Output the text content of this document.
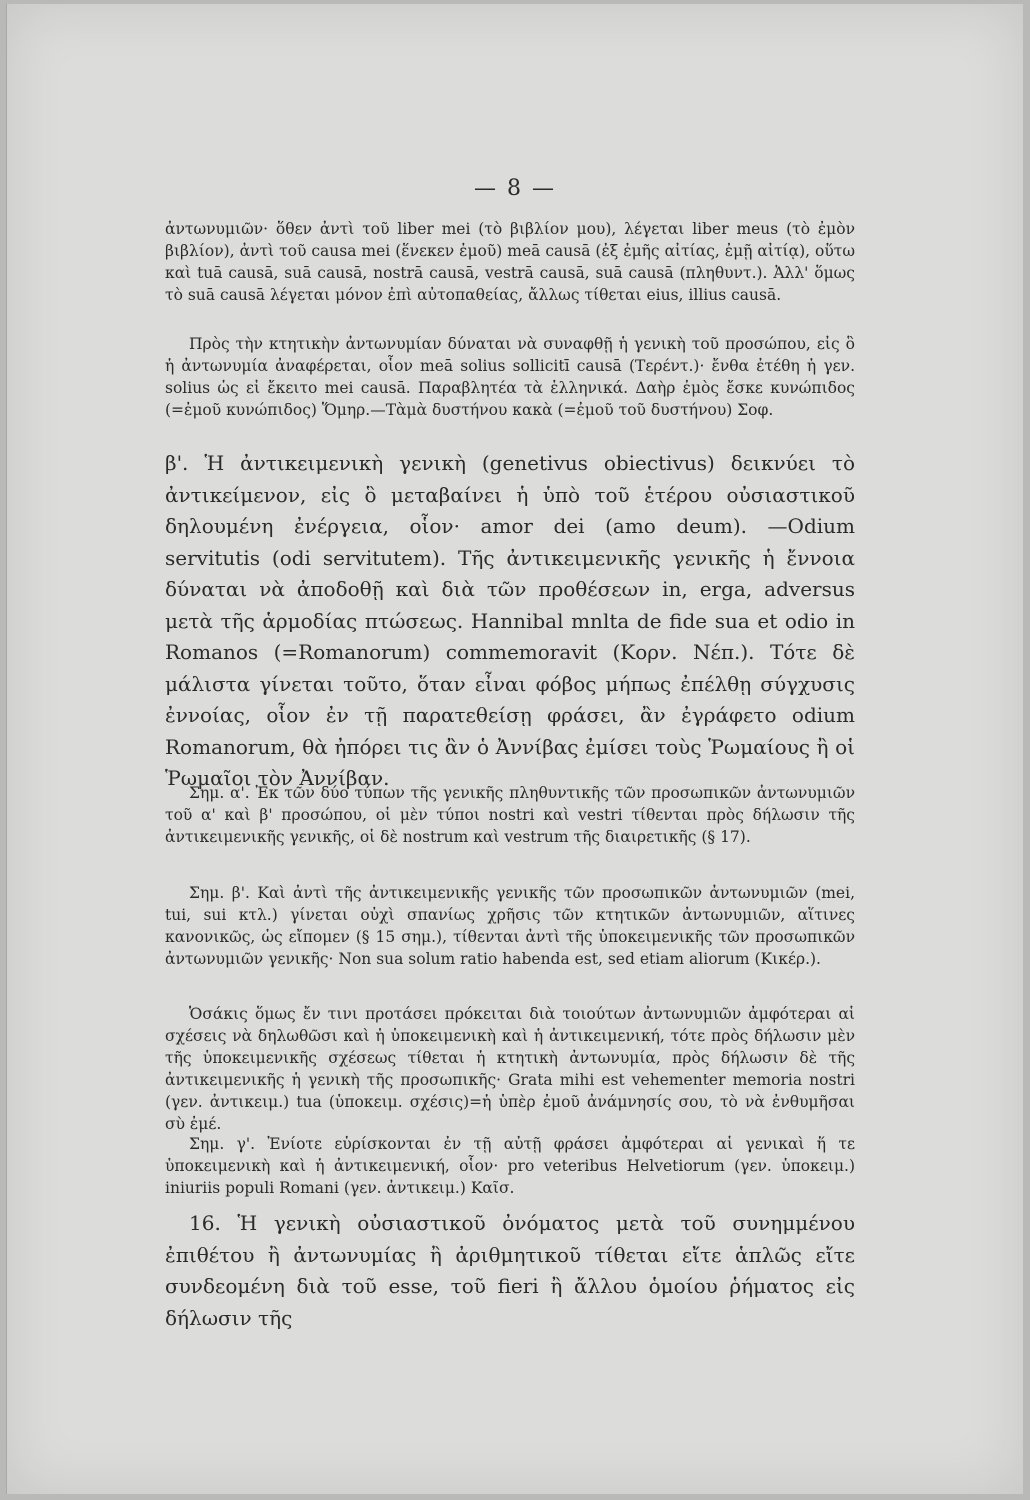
— 8 —
ἀντωνυμιῶν· ὅθεν ἀντὶ τοῦ liber mei (τὸ βιβλίον μου), λέγεται liber meus (τὸ ἐμὸν βιβλίον), ἀντὶ τοῦ causa mei (ἕνεκεν ἐμοῦ) meā causā (ἐξ ἐμῆς αἰτίας, ἐμῇ αἰτίᾳ), οὕτω καὶ tuā causā, suā causā, nostrā causā, vestrā causā, suā causā (πληθυντ.). Ἀλλ' ὅμως τὸ suā causā λέγεται μόνον ἐπὶ αὐτοπαθείας, ἄλλως τίθεται eius, illius causā.
Πρὸς τὴν κτητικὴν ἀντωνυμίαν δύναται νὰ συναφθῇ ἡ γενικὴ τοῦ προσώπου, εἰς ὃ ἡ ἀντωνυμία ἀναφέρεται, οἷον meā solius sollicitī causā (Τερέντ.)· ἔνθα ἐτέθη ἡ γεν. solius ὡς εἰ ἔκειτο mei causā. Παραβλητέα τὰ ἑλληνικά. Δαὴρ ἐμὸς ἔσκε κυνώπιδος (=ἐμοῦ κυνώπιδος) Ὅμηρ.—Τὰμὰ δυστήνου κακὰ (=ἐμοῦ τοῦ δυστήνου) Σοφ.
β'. Ἡ ἀντικειμενικὴ γενικὴ (genetivus obiectivus) δεικνύει τὸ ἀντικείμενον, εἰς ὃ μεταβαίνει ἡ ὑπὸ τοῦ ἑτέρου οὐσιαστικοῦ δηλουμένη ἐνέργεια, οἷον· amor dei (amo deum). —Odium servitutis (odi servitutem). Τῆς ἀντικειμενικῆς γενικῆς ἡ ἔννοια δύναται νὰ ἀποδοθῇ καὶ διὰ τῶν προθέσεων in, erga, adversus μετὰ τῆς ἁρμοδίας πτώσεως. Hannibal mnlta de fide sua et odio in Romanos (=Romanorum) commemoravit (Κορν. Νέπ.). Τότε δὲ μάλιστα γίνεται τοῦτο, ὅταν εἶναι φόβος μήπως ἐπέλθῃ σύγχυσις ἐννοίας, οἷον ἐν τῇ παρατεθείσῃ φράσει, ἂν ἐγράφετο odium Romanorum, θὰ ἠπόρει τις ἂν ὁ Ἀννίβας ἐμίσει τοὺς Ῥωμαίους ἢ οἱ Ῥωμαῖοι τὸν Ἀννίβαν.
Σημ. α'. Ἐκ τῶν δύο τύπων τῆς γενικῆς πληθυντικῆς τῶν προσωπικῶν ἀντωνυμιῶν τοῦ α' καὶ β' προσώπου, οἱ μὲν τύποι nostri καὶ vestri τίθενται πρὸς δήλωσιν τῆς ἀντικειμενικῆς γενικῆς, οἱ δὲ nostrum καὶ vestrum τῆς διαιρετικῆς (§ 17).
Σημ. β'. Καὶ ἀντὶ τῆς ἀντικειμενικῆς γενικῆς τῶν προσωπικῶν ἀντωνυμιῶν (mei, tui, sui κτλ.) γίνεται οὐχὶ σπανίως χρῆσις τῶν κτητικῶν ἀντωνυμιῶν, αἵτινες κανονικῶς, ὡς εἴπομεν (§ 15 σημ.), τίθενται ἀντὶ τῆς ὑποκειμενικῆς τῶν προσωπικῶν ἀντωνυμιῶν γενικῆς· Non sua solum ratio habenda est, sed etiam aliorum (Κικέρ.).
Ὁσάκις ὅμως ἔν τινι προτάσει πρόκειται διὰ τοιούτων ἀντωνυμιῶν ἀμφότεραι αἱ σχέσεις νὰ δηλωθῶσι καὶ ἡ ὑποκειμενικὴ καὶ ἡ ἀντικειμενική, τότε πρὸς δήλωσιν μὲν τῆς ὑποκειμενικῆς σχέσεως τίθεται ἡ κτητικὴ ἀντωνυμία, πρὸς δήλωσιν δὲ τῆς ἀντικειμενικῆς ἡ γενικὴ τῆς προσωπικῆς· Grata mihi est vehementer memoria nostri (γεν. ἀντικειμ.) tua (ὑποκειμ. σχέσις)=ἡ ὑπὲρ ἐμοῦ ἀνάμνησίς σου, τὸ νὰ ἐνθυμῆσαι σὺ ἐμέ.
Σημ. γ'. Ἐνίοτε εὑρίσκονται ἐν τῇ αὐτῇ φράσει ἀμφότεραι αἱ γενικαὶ ἥ τε ὑποκειμενικὴ καὶ ἡ ἀντικειμενική, οἷον· pro veteribus Helvetiorum (γεν. ὑποκειμ.) iniuriis populi Romani (γεν. ἀντικειμ.) Καῖσ.
16. Ἡ γενικὴ οὐσιαστικοῦ ὀνόματος μετὰ τοῦ συνημμένου ἐπιθέτου ἢ ἀντωνυμίας ἢ ἀριθμητικοῦ τίθεται εἴτε ἁπλῶς εἴτε συνδεομένη διὰ τοῦ esse, τοῦ fieri ἢ ἄλλου ὁμοίου ῥήματος εἰς δήλωσιν τῆς
